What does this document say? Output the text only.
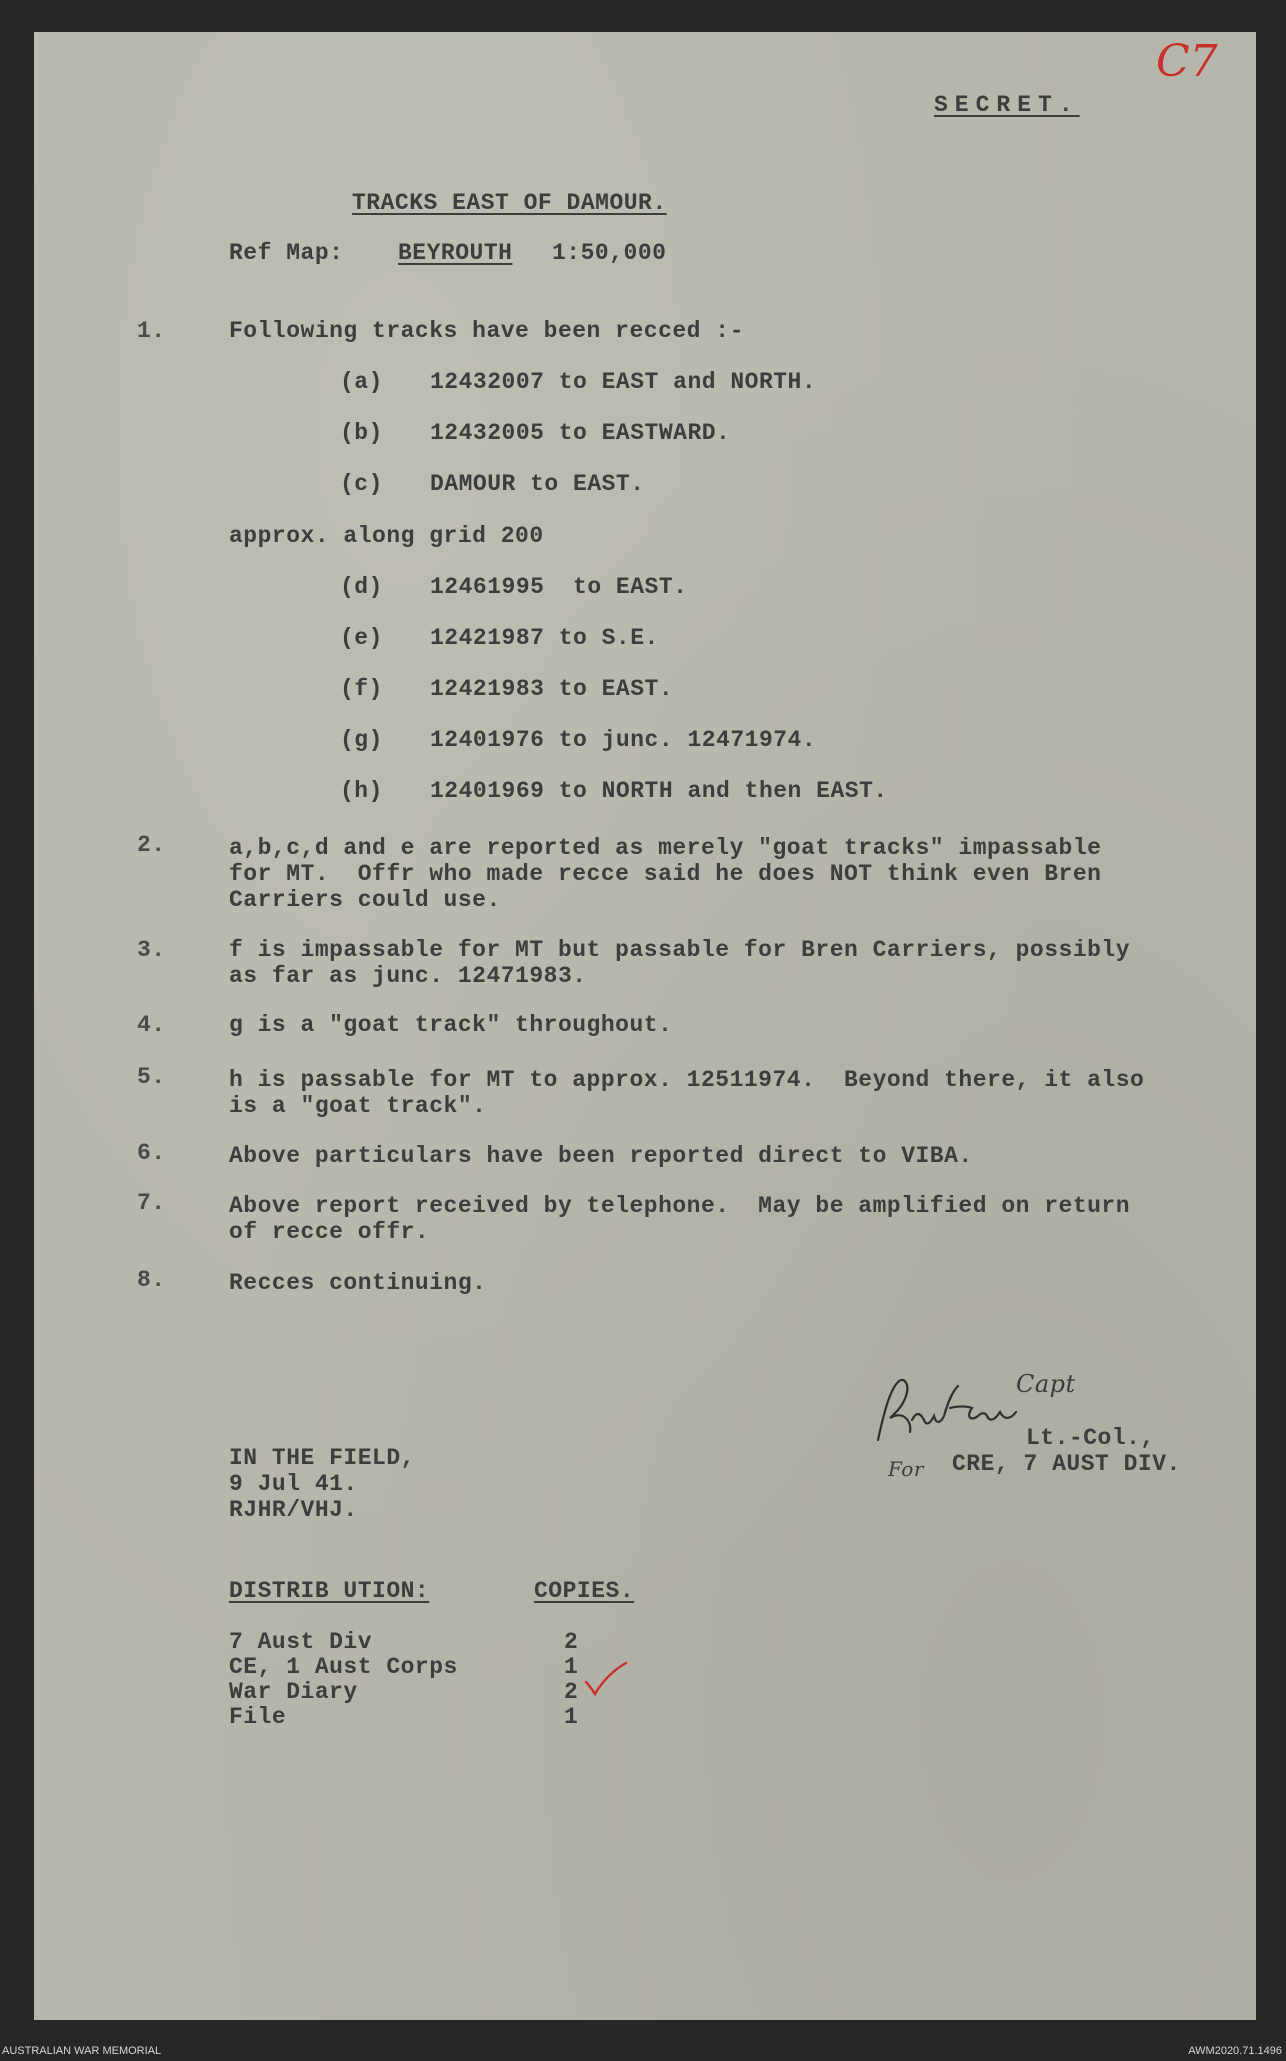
C7
SECRET.
TRACKS EAST OF DAMOUR.
Ref Map: BEYROUTH 1:50,000
1.	Following tracks have been recced :-
(a) 12432007 to EAST and NORTH.
(b) 12432005 to EASTWARD.
(c) DAMOUR to EAST.
approx. along grid 200
(d) 12461995  to EAST.
(e) 12421987 to S.E.
(f) 12421983 to EAST.
(g) 12401976 to junc. 12471974.
(h) 12401969 to NORTH and then EAST.
2.	a,b,c,d and e are reported as merely "goat tracks" impassable
for MT.  Offr who made recce said he does NOT think even Bren
Carriers could use.
3.	f is impassable for MT but passable for Bren Carriers, possibly
as far as junc. 12471983.
4.	g is a "goat track" throughout.
5.	h is passable for MT to approx. 12511974.  Beyond there, it also
is a "goat track".
6.	Above particulars have been reported direct to VIBA.
7.	Above report received by telephone.  May be amplified on return
of recce offr.
8.	Recces continuing.
Capt
Lt.-Col.,
For CRE, 7 AUST DIV.
IN THE FIELD,
9 Jul 41.
RJHR/VHJ.
DISTRIB UTION:	COPIES.
7 Aust Div	2
CE, 1 Aust Corps	1
War Diary	2
File	1
AUSTRALIAN WAR MEMORIAL	AWM2020.71.1496
